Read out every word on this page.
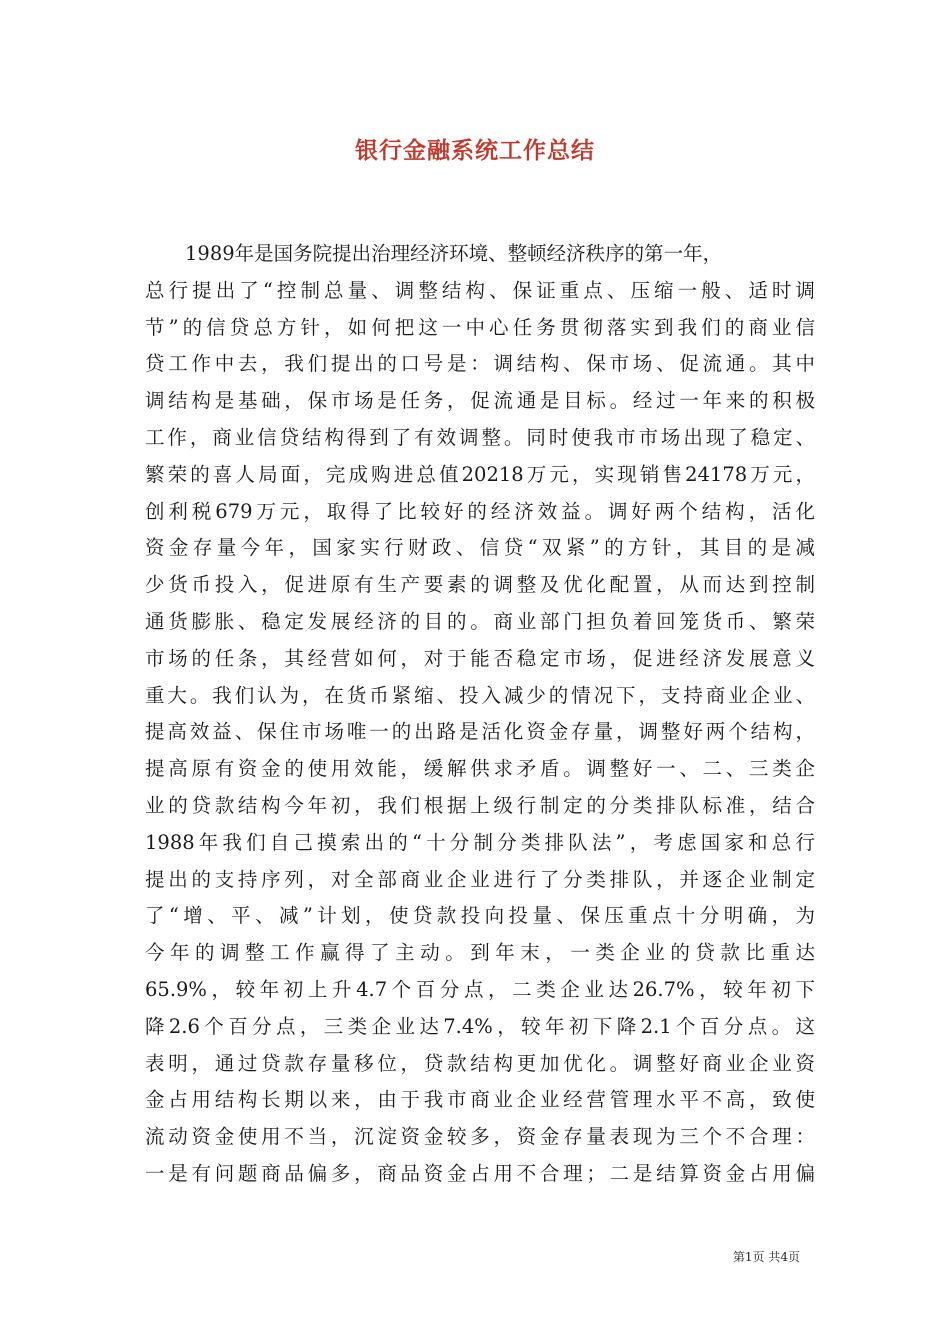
银行金融系统工作总结
1989年是国务院提出治理经济环境、整顿经济秩序的第一年，
总行提出了“控制总量、调整结构、保证重点、压缩一般、适时调
节”的信贷总方针，如何把这一中心任务贯彻落实到我们的商业信
贷工作中去，我们提出的口号是：调结构、保市场、促流通。其中
调结构是基础，保市场是任务，促流通是目标。经过一年来的积极
工作，商业信贷结构得到了有效调整。同时使我市市场出现了稳定、
繁荣的喜人局面，完成购进总值20218万元，实现销售24178万元，
创利税679万元，取得了比较好的经济效益。调好两个结构，活化
资金存量今年，国家实行财政、信贷“双紧”的方针，其目的是减
少货币投入，促进原有生产要素的调整及优化配置，从而达到控制
通货膨胀、稳定发展经济的目的。商业部门担负着回笼货币、繁荣
市场的任条，其经营如何，对于能否稳定市场，促进经济发展意义
重大。我们认为，在货币紧缩、投入减少的情况下，支持商业企业、
提高效益、保住市场唯一的出路是活化资金存量，调整好两个结构，
提高原有资金的使用效能，缓解供求矛盾。调整好一、二、三类企
业的贷款结构今年初，我们根据上级行制定的分类排队标准，结合
1988年我们自己摸索出的“十分制分类排队法”，考虑国家和总行
提出的支持序列，对全部商业企业进行了分类排队，并逐企业制定
了“增、平、减”计划，使贷款投向投量、保压重点十分明确，为
今年的调整工作赢得了主动。到年末，一类企业的贷款比重达
65.9%，较年初上升4.7个百分点，二类企业达26.7%，较年初下
降2.6个百分点，三类企业达7.4%，较年初下降2.1个百分点。这
表明，通过贷款存量移位，贷款结构更加优化。调整好商业企业资
金占用结构长期以来，由于我市商业企业经营管理水平不高，致使
流动资金使用不当，沉淀资金较多，资金存量表现为三个不合理：
一是有问题商品偏多，商品资金占用不合理；二是结算资金占用偏
第1页 共4页
